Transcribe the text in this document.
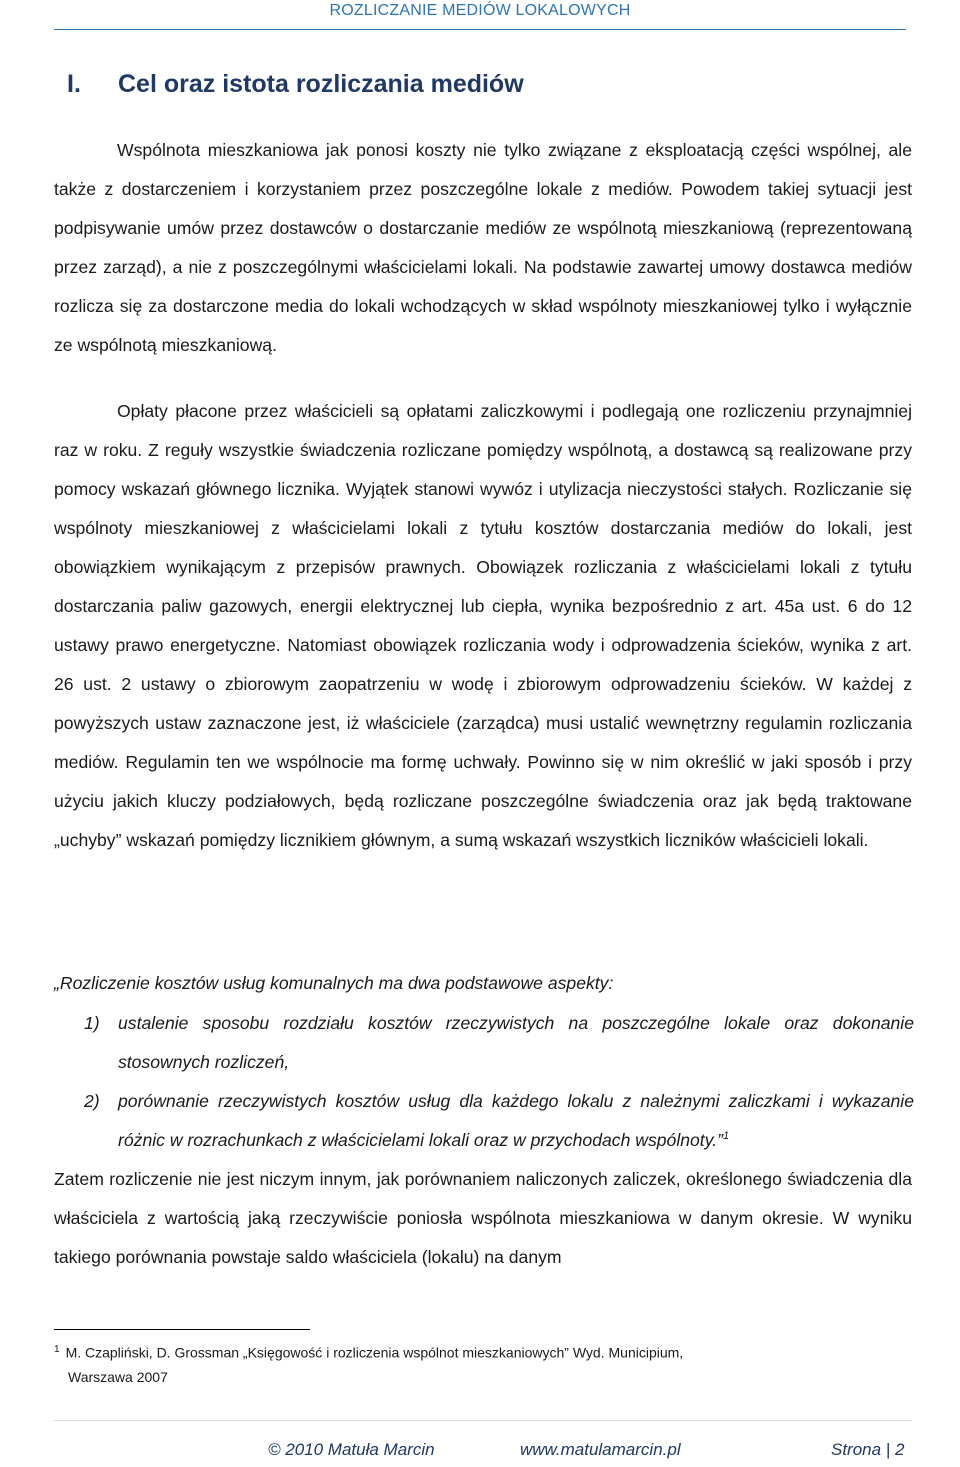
ROZLICZANIE MEDIÓW LOKALOWYCH
I. Cel oraz istota rozliczania mediów
Wspólnota mieszkaniowa jak ponosi koszty nie tylko związane z eksploatacją części wspólnej, ale także z dostarczeniem i korzystaniem przez poszczególne lokale z mediów. Powodem takiej sytuacji jest podpisywanie umów przez dostawców o dostarczanie mediów ze wspólnotą mieszkaniową (reprezentowaną przez zarząd), a nie z poszczególnymi właścicielami lokali. Na podstawie zawartej umowy dostawca mediów rozlicza się za dostarczone media do lokali wchodzących w skład wspólnoty mieszkaniowej tylko i wyłącznie ze wspólnotą mieszkaniową.
Opłaty płacone przez właścicieli są opłatami zaliczkowymi i podlegają one rozliczeniu przynajmniej raz w roku. Z reguły wszystkie świadczenia rozliczane pomiędzy wspólnotą, a dostawcą są realizowane przy pomocy wskazań głównego licznika. Wyjątek stanowi wywóz i utylizacja nieczystości stałych. Rozliczanie się wspólnoty mieszkaniowej z właścicielami lokali z tytułu kosztów dostarczania mediów do lokali, jest obowiązkiem wynikającym z przepisów prawnych. Obowiązek rozliczania z właścicielami lokali z tytułu dostarczania paliw gazowych, energii elektrycznej lub ciepła, wynika bezpośrednio z art. 45a ust. 6 do 12 ustawy prawo energetyczne. Natomiast obowiązek rozliczania wody i odprowadzenia ścieków, wynika z art. 26 ust. 2 ustawy o zbiorowym zaopatrzeniu w wodę i zbiorowym odprowadzeniu ścieków. W każdej z powyższych ustaw zaznaczone jest, iż właściciele (zarządca) musi ustalić wewnętrzny regulamin rozliczania mediów. Regulamin ten we wspólnocie ma formę uchwały. Powinno się w nim określić w jaki sposób i przy użyciu jakich kluczy podziałowych, będą rozliczane poszczególne świadczenia oraz jak będą traktowane „uchyby” wskazań pomiędzy licznikiem głównym, a sumą wskazań wszystkich liczników właścicieli lokali.
„Rozliczenie kosztów usług komunalnych ma dwa podstawowe aspekty:
1) ustalenie sposobu rozdziału kosztów rzeczywistych na poszczególne lokale oraz dokonanie stosownych rozliczeń,
2) porównanie rzeczywistych kosztów usług dla każdego lokalu z należnymi zaliczkami i wykazanie różnic w rozrachunkach z właścicielami lokali oraz w przychodach wspólnoty.”$^1$
Zatem rozliczenie nie jest niczym innym, jak porównaniem naliczonych zaliczek, określonego świadczenia dla właściciela z wartością jaką rzeczywiście poniosła wspólnota mieszkaniowa w danym okresie. W wyniku takiego porównania powstaje saldo właściciela (lokalu) na danym
$^1$ M. Czapliński, D. Grossman „Księgowość i rozliczenia wspólnot mieszkaniowych” Wyd. Municipium,
Warszawa 2007
© 2010 Matuła Marcin	www.matulamarcin.pl	Strona | 2
